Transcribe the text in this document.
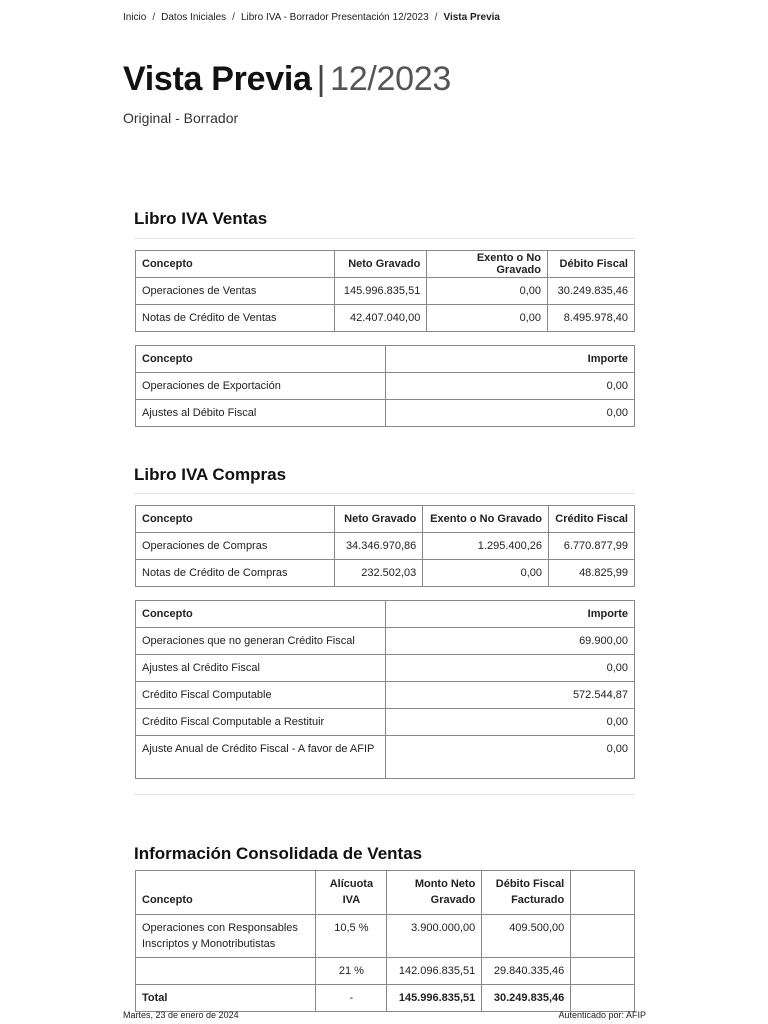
Inicio / Datos Iniciales / Libro IVA - Borrador Presentación 12/2023 / Vista Previa
Vista Previa | 12/2023
Original - Borrador
Libro IVA Ventas
Concepto	Neto Gravado	Exento o No Gravado	Débito Fiscal
Operaciones de Ventas	145.996.835,51	0,00	30.249.835,46
Notas de Crédito de Ventas	42.407.040,00	0,00	8.495.978,40
Concepto	Importe
Operaciones de Exportación	0,00
Ajustes al Débito Fiscal	0,00
Libro IVA Compras
Concepto	Neto Gravado	Exento o No Gravado	Crédito Fiscal
Operaciones de Compras	34.346.970,86	1.295.400,26	6.770.877,99
Notas de Crédito de Compras	232.502,03	0,00	48.825,99
Concepto	Importe
Operaciones que no generan Crédito Fiscal	69.900,00
Ajustes al Crédito Fiscal	0,00
Crédito Fiscal Computable	572.544,87
Crédito Fiscal Computable a Restituir	0,00
Ajuste Anual de Crédito Fiscal - A favor de AFIP	0,00
Información Consolidada de Ventas
Concepto	Alícuota IVA	Monto Neto Gravado	Débito Fiscal Facturado	
Operaciones con Responsables Inscriptos y Monotributistas	10,5 %	3.900.000,00	409.500,00	
	21 %	142.096.835,51	29.840.335,46	
Total	-	145.996.835,51	30.249.835,46	
Martes, 23 de enero de 2024	Autenticado por: AFIP
